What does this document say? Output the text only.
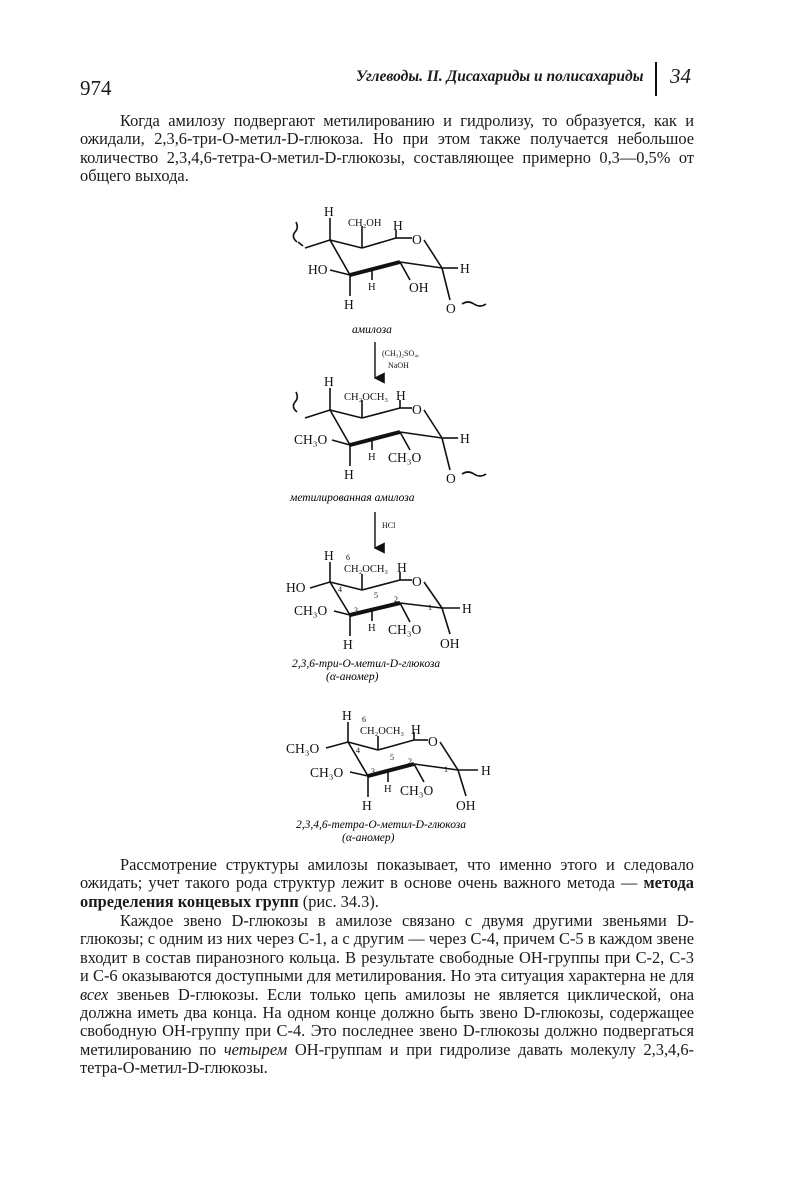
974	Углеводы. II. Дисахариды и полисахариды 34

Когда амилозу подвергают метилированию и гидролизу, то образуется, как и ожидали, 2,3,6-три-О-метил-D-глюкоза. Но при этом также получается небольшое количество 2,3,4,6-тетра-О-метил-D-глюкозы, составляющее примерно 0,3—0,5% от общего выхода.

H
CH₂OH H
O
HO
H OH
H
H	O
амилоза
(CH₃)₂SO₄,
NaOH
H
CH₂OCH₃ H
O
CH₃O
H CH₃O
H
H	O
метилированная амилоза
HCl
H 6
CH₂OCH₃ H
O
HO	4
5 2
1
3
CH₃O
H CH₃O
H
H	OH
2,3,6-три-О-метил-D-глюкоза
(α-аномер)
H 6
CH₂OCH₃ H
O
CH₃O	4
5 2
1
3
CH₃O
H CH₃O
H
H	OH
2,3,4,6-тетра-О-метил-D-глюкоза
(α-аномер)

Рассмотрение структуры амилозы показывает, что именно этого и следовало ожидать; учет такого рода структур лежит в основе очень важного метода — метода определения концевых групп (рис. 34.3).

Каждое звено D-глюкозы в амилозе связано с двумя другими звеньями D-глюкозы; с одним из них через С-1, а с другим — через С-4, причем С-5 в каждом звене входит в состав пиранозного кольца. В результате свободные ОН-группы при С-2, С-3 и С-6 оказываются доступными для метилирования. Но эта ситуация характерна не для всех звеньев D-глюкозы. Если только цепь амилозы не является циклической, она должна иметь два конца. На одном конце должно быть звено D-глюкозы, содержащее свободную ОН-группу при С-4. Это последнее звено D-глюкозы должно подвергаться метилированию по четырем ОН-группам и при гидролизе давать молекулу 2,3,4,6-тетра-О-метил-D-глюкозы.
